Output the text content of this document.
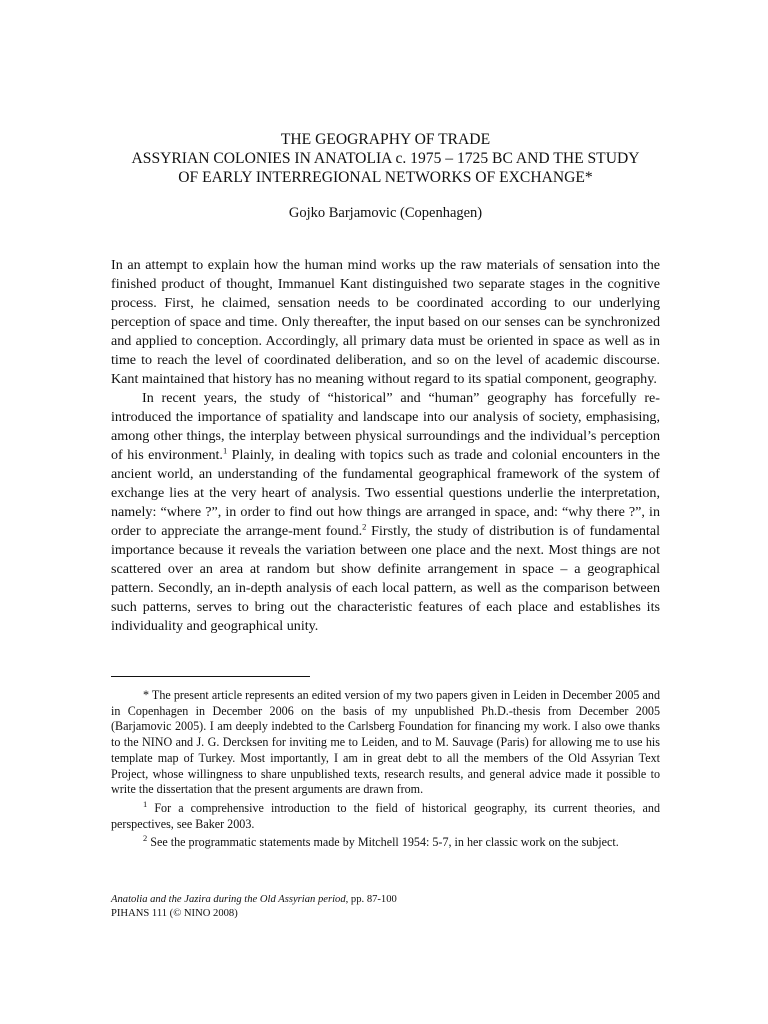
THE GEOGRAPHY OF TRADE
ASSYRIAN COLONIES IN ANATOLIA c. 1975 – 1725 BC AND THE STUDY
OF EARLY INTERREGIONAL NETWORKS OF EXCHANGE*
Gojko Barjamovic (Copenhagen)

In an attempt to explain how the human mind works up the raw materials of sensation into the finished product of thought, Immanuel Kant distinguished two separate stages in the cognitive process. First, he claimed, sensation needs to be coordinated according to our underlying perception of space and time. Only thereafter, the input based on our senses can be synchronized and applied to conception. Accordingly, all primary data must be oriented in space as well as in time to reach the level of coordinated deliberation, and so on the level of academic discourse. Kant maintained that history has no meaning without regard to its spatial component, geography.

In recent years, the study of “historical” and “human” geography has forcefully re-introduced the importance of spatiality and landscape into our analysis of society, emphasising, among other things, the interplay between physical surroundings and the individual’s perception of his environment.$^1$ Plainly, in dealing with topics such as trade and colonial encounters in the ancient world, an understanding of the fundamental geographical framework of the system of exchange lies at the very heart of analysis. Two essential questions underlie the interpretation, namely: “where ?”, in order to find out how things are arranged in space, and: “why there ?”, in order to appreciate the arrange-ment found.$^2$ Firstly, the study of distribution is of fundamental importance because it reveals the variation between one place and the next. Most things are not scattered over an area at random but show definite arrangement in space – a geographical pattern. Secondly, an in-depth analysis of each local pattern, as well as the comparison between such patterns, serves to bring out the characteristic features of each place and establishes its individuality and geographical unity.

* The present article represents an edited version of my two papers given in Leiden in December 2005 and in Copenhagen in December 2006 on the basis of my unpublished Ph.D.-thesis from December 2005 (Barjamovic 2005). I am deeply indebted to the Carlsberg Foundation for financing my work. I also owe thanks to the NINO and J. G. Dercksen for inviting me to Leiden, and to M. Sauvage (Paris) for allowing me to use his template map of Turkey. Most importantly, I am in great debt to all the members of the Old Assyrian Text Project, whose willingness to share unpublished texts, research results, and general advice made it possible to write the dissertation that the present arguments are drawn from.

$^1$ For a comprehensive introduction to the field of historical geography, its current theories, and perspectives, see Baker 2003.

$^2$ See the programmatic statements made by Mitchell 1954: 5-7, in her classic work on the subject.

Anatolia and the Jazira during the Old Assyrian period, pp. 87-100
PIHANS 111 (© NINO 2008)
